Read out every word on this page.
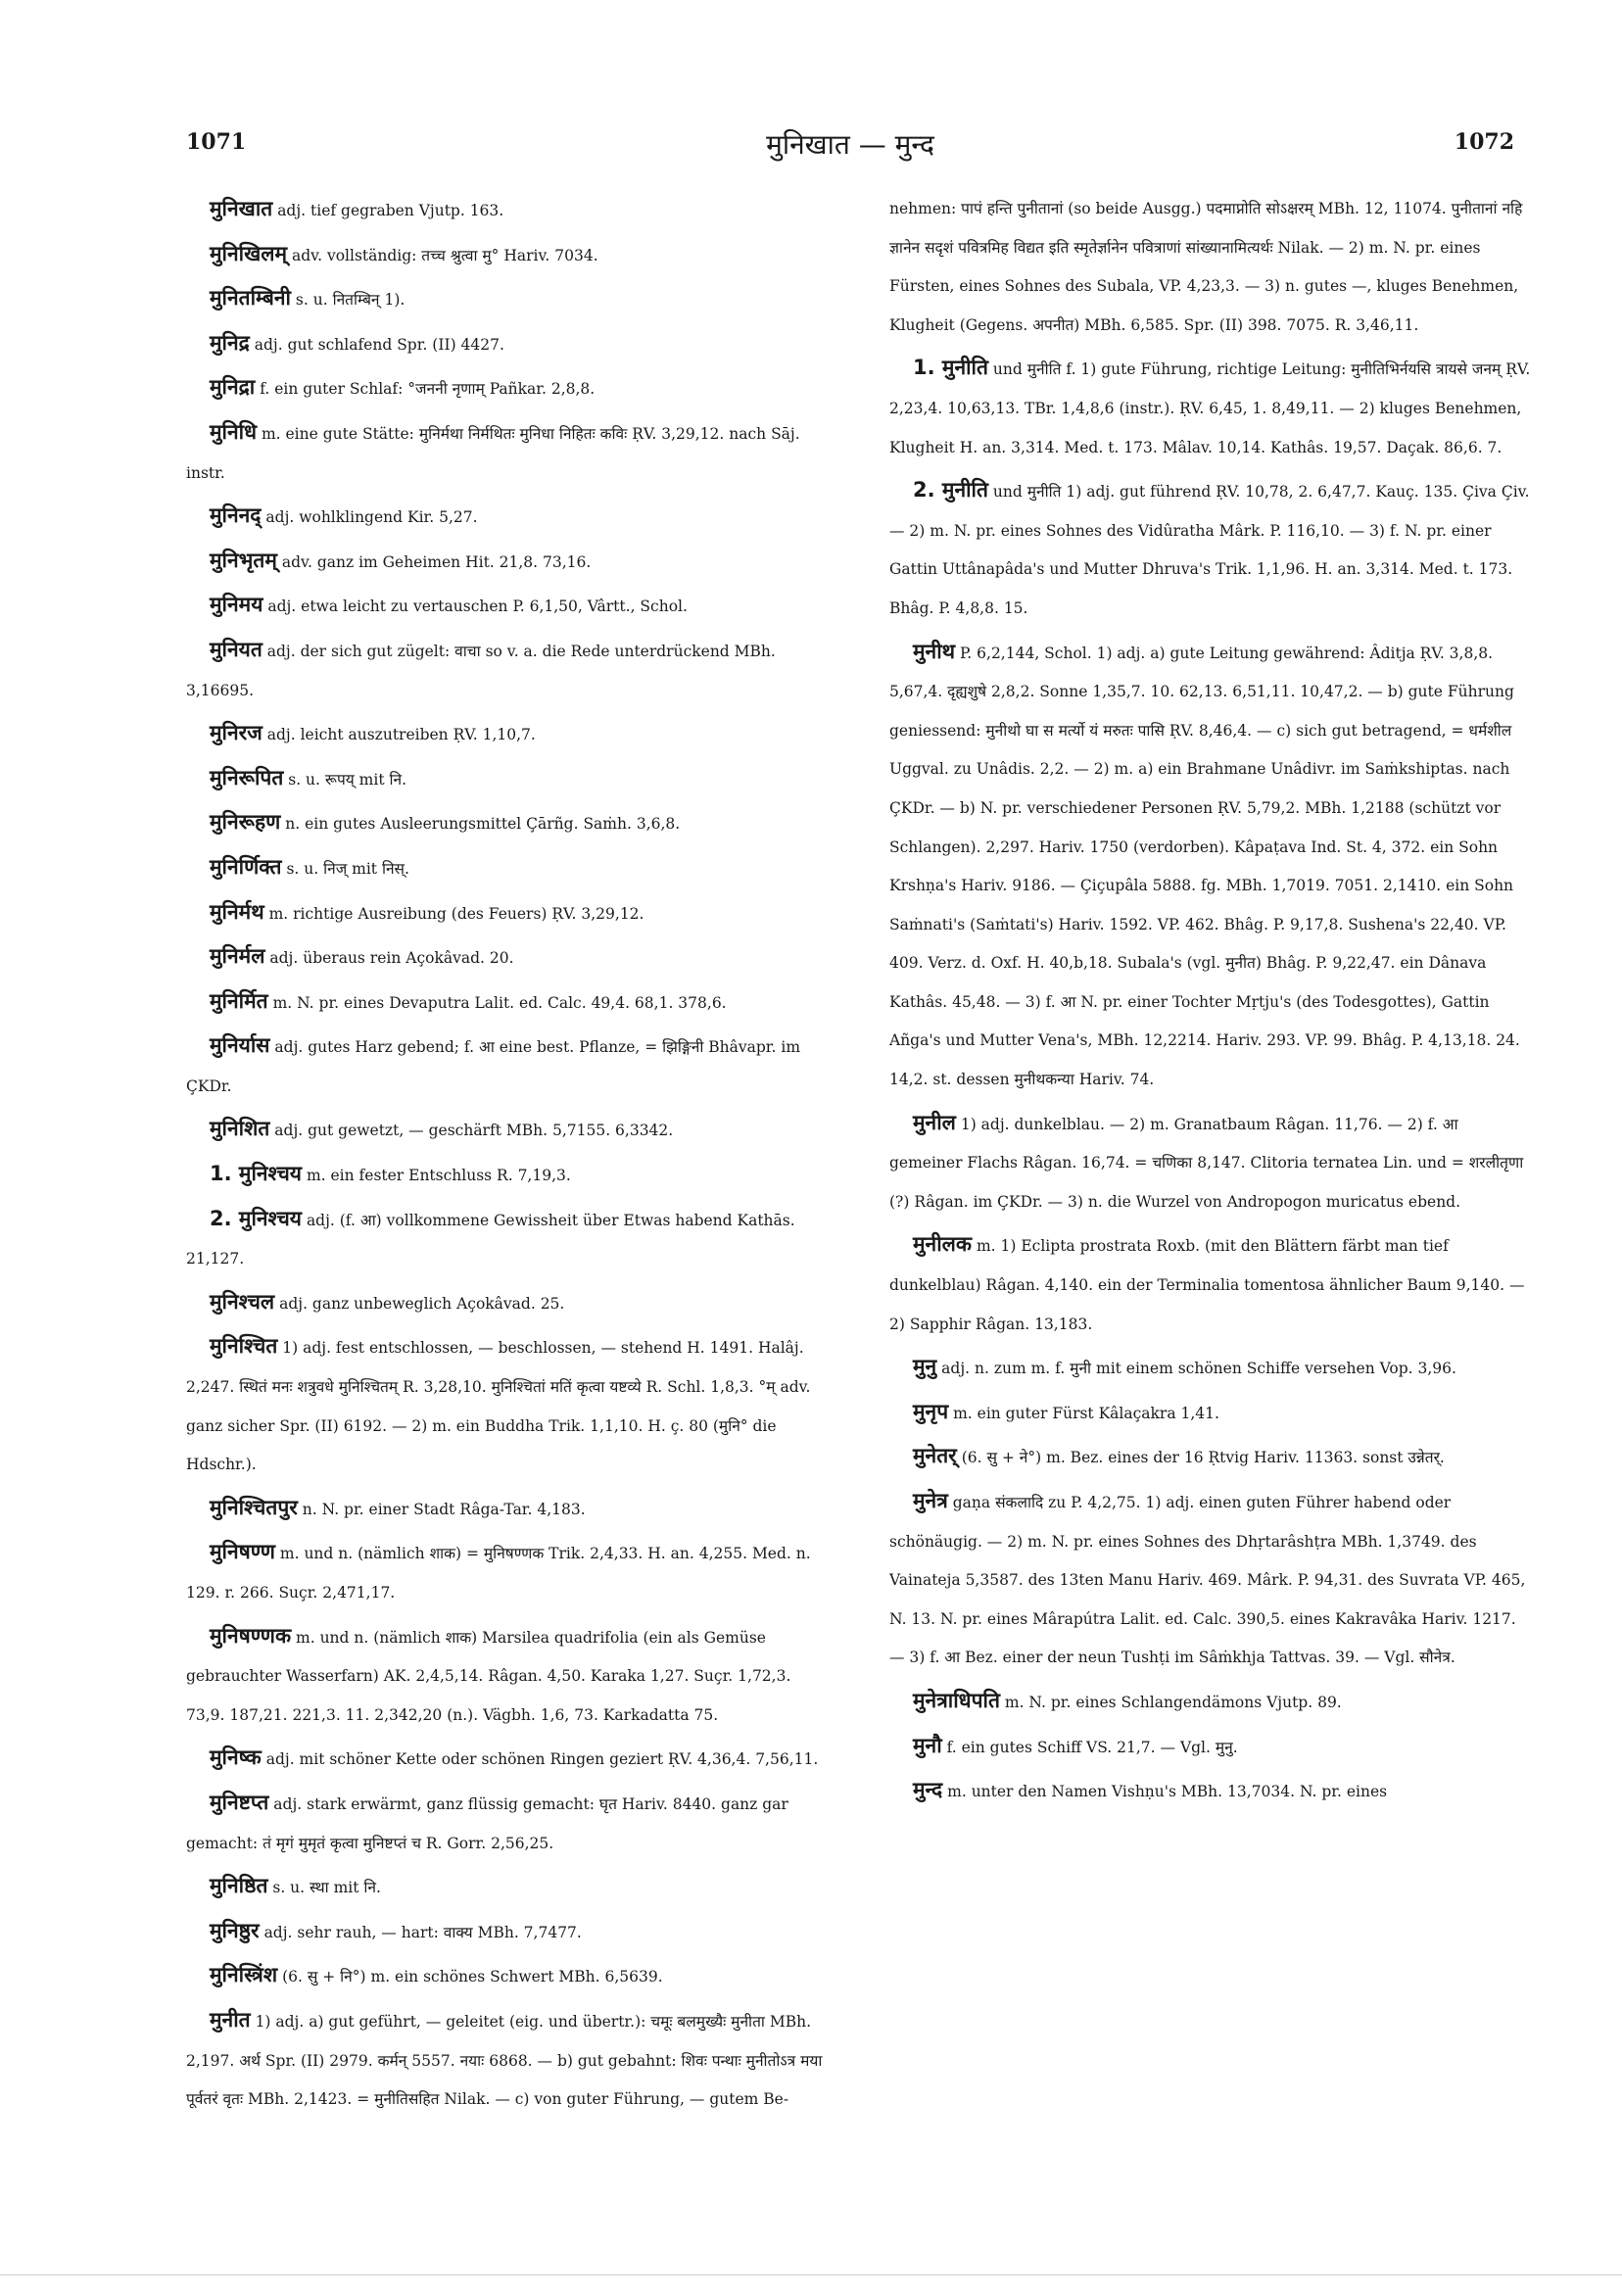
1071	मुनिखात — मुन्द	1072

मुनिखात adj. tief gegraben Vjutp. 163.

मुनिखिलम् adv. vollständig: तच्च श्रुत्वा मु° Hariv. 7034.

मुनितम्बिनी s. u. नितम्बिन् 1).

मुनिद्र adj. gut schlafend Spr. (II) 4427.

मुनिद्रा f. ein guter Schlaf: °जननी नृणाम् Pañkar. 2,8,8.

मुनिधि m. eine gute Stätte: मुनिर्मथा निर्मथितः मुनिधा निहितः कविः ṚV. 3,29,12. nach Sāj. instr.

मुनिनद् adj. wohlklingend Kir. 5,27.

मुनिभृतम् adv. ganz im Geheimen Hit. 21,8. 73,16.

मुनिमय adj. etwa leicht zu vertauschen P. 6,1,50, Vârtt., Schol.

मुनियत adj. der sich gut zügelt: वाचा so v. a. die Rede unterdrückend MBh. 3,16695.

मुनिरज adj. leicht auszutreiben ṚV. 1,10,7.

मुनिरूपित s. u. रूपय् mit नि.

मुनिरूहण n. ein gutes Ausleerungsmittel Çārñg. Saṁh. 3,6,8.

मुनिर्णिक्त s. u. निज् mit निस्.

मुनिर्मथ m. richtige Ausreibung (des Feuers) ṚV. 3,29,12.

मुनिर्मल adj. überaus rein Açokâvad. 20.

मुनिर्मित m. N. pr. eines Devaputra Lalit. ed. Calc. 49,4. 68,1. 378,6.

मुनिर्यास adj. gutes Harz gebend; f. आ eine best. Pflanze, = झिङ्गिनी Bhâvapr. im ÇKDr.

मुनिशित adj. gut gewetzt, — geschärft MBh. 5,7155. 6,3342.

1. मुनिश्चय m. ein fester Entschluss R. 7,19,3.

2. मुनिश्चय adj. (f. आ) vollkommene Gewissheit über Etwas habend Kathās. 21,127.

मुनिश्चल adj. ganz unbeweglich Açokâvad. 25.

मुनिश्चित 1) adj. fest entschlossen, — beschlossen, — stehend H. 1491. Halâj. 2,247. स्थितं मनः शत्रुवधे मुनिश्चितम् R. 3,28,10. मुनिश्चितां मतिं कृत्वा यष्टव्ये R. Schl. 1,8,3. °म् adv. ganz sicher Spr. (II) 6192. — 2) m. ein Buddha Trik. 1,1,10. H. ç. 80 (मुनि° die Hdschr.).

मुनिश्चितपुर n. N. pr. einer Stadt Râga-Tar. 4,183.

मुनिषण्ण m. und n. (nämlich शाक) = मुनिषण्णक Trik. 2,4,33. H. an. 4,255. Med. n. 129. r. 266. Suçr. 2,471,17.

मुनिषण्णक m. und n. (nämlich शाक) Marsilea quadrifolia (ein als Gemüse gebrauchter Wasserfarn) AK. 2,4,5,14. Râgan. 4,50. Karaka 1,27. Suçr. 1,72,3. 73,9. 187,21. 221,3. 11. 2,342,20 (n.). Vägbh. 1,6, 73. Karkadatta 75.

मुनिष्क adj. mit schöner Kette oder schönen Ringen geziert ṚV. 4,36,4. 7,56,11.

मुनिष्टप्त adj. stark erwärmt, ganz flüssig gemacht: घृत Hariv. 8440. ganz gar gemacht: तं मृगं मुमृतं कृत्वा मुनिष्टप्तं च R. Gorr. 2,56,25.

मुनिष्ठित s. u. स्था mit नि.

मुनिष्ठुर adj. sehr rauh, — hart: वाक्य MBh. 7,7477.

मुनिस्त्रिंश (6. सु + नि°) m. ein schönes Schwert MBh. 6,5639.

मुनीत 1) adj. a) gut geführt, — geleitet (eig. und übertr.): चमूः बलमुख्यैः मुनीता MBh. 2,197. अर्थ Spr. (II) 2979. कर्मन् 5557. नयाः 6868. — b) gut gebahnt: शिवः पन्थाः मुनीतोऽत्र मया पूर्वतरं वृतः MBh. 2,1423. = मुनीतिसहित Nilak. — c) von guter Führung, — gutem Be-

nehmen: पापं हन्ति पुनीतानां (so beide Ausgg.) पदमाप्नोति सोऽक्षरम् MBh. 12, 11074. पुनीतानां नहि ज्ञानेन सदृशं पवित्रमिह विद्यत इति स्मृतेर्ज्ञानेन पवित्राणां सांख्यानामित्यर्थः Nilak. — 2) m. N. pr. eines Fürsten, eines Sohnes des Subala, VP. 4,23,3. — 3) n. gutes —, kluges Benehmen, Klugheit (Gegens. अपनीत) MBh. 6,585. Spr. (II) 398. 7075. R. 3,46,11.

1. मुनीति und मुनीति f. 1) gute Führung, richtige Leitung: मुनीतिभिर्नयसि त्रायसे जनम् ṚV. 2,23,4. 10,63,13. TBr. 1,4,8,6 (instr.). ṚV. 6,45, 1. 8,49,11. — 2) kluges Benehmen, Klugheit H. an. 3,314. Med. t. 173. Mâlav. 10,14. Kathâs. 19,57. Daçak. 86,6. 7.

2. मुनीति und मुनीति 1) adj. gut führend ṚV. 10,78, 2. 6,47,7. Kauç. 135. Çiva Çiv. — 2) m. N. pr. eines Sohnes des Vidûratha Mârk. P. 116,10. — 3) f. N. pr. einer Gattin Uttânapâda's und Mutter Dhruva's Trik. 1,1,96. H. an. 3,314. Med. t. 173. Bhâg. P. 4,8,8. 15.

मुनीथ P. 6,2,144, Schol. 1) adj. a) gute Leitung gewährend: Âditja ṚV. 3,8,8. 5,67,4. दृह्यशुषे 2,8,2. Sonne 1,35,7. 10. 62,13. 6,51,11. 10,47,2. — b) gute Führung geniessend: मुनीथो घा स मर्त्यो यं मरुतः पासि ṚV. 8,46,4. — c) sich gut betragend, = धर्मशील Uggval. zu Unâdis. 2,2. — 2) m. a) ein Brahmane Unâdivr. im Saṁkshiptas. nach ÇKDr. — b) N. pr. verschiedener Personen ṚV. 5,79,2. MBh. 1,2188 (schützt vor Schlangen). 2,297. Hariv. 1750 (verdorben). Kâpaṭava Ind. St. 4, 372. ein Sohn Krshṇa's Hariv. 9186. — Çiçupâla 5888. fg. MBh. 1,7019. 7051. 2,1410. ein Sohn Saṁnati's (Saṁtati's) Hariv. 1592. VP. 462. Bhâg. P. 9,17,8. Sushena's 22,40. VP. 409. Verz. d. Oxf. H. 40,b,18. Subala's (vgl. मुनीत) Bhâg. P. 9,22,47. ein Dânava Kathâs. 45,48. — 3) f. आ N. pr. einer Tochter Mṛtju's (des Todesgottes), Gattin Añga's und Mutter Vena's, MBh. 12,2214. Hariv. 293. VP. 99. Bhâg. P. 4,13,18. 24. 14,2. st. dessen मुनीथकन्या Hariv. 74.

मुनील 1) adj. dunkelblau. — 2) m. Granatbaum Râgan. 11,76. — 2) f. आ gemeiner Flachs Râgan. 16,74. = चणिका 8,147. Clitoria ternatea Lin. und = शरलीतृणा (?) Râgan. im ÇKDr. — 3) n. die Wurzel von Andropogon muricatus ebend.

मुनीलक m. 1) Eclipta prostrata Roxb. (mit den Blättern färbt man tief dunkelblau) Râgan. 4,140. ein der Terminalia tomentosa ähnlicher Baum 9,140. — 2) Sapphir Râgan. 13,183.

मुनु adj. n. zum m. f. मुनी mit einem schönen Schiffe versehen Vop. 3,96.

मुनृप m. ein guter Fürst Kâlaçakra 1,41.

मुनेतर् (6. सु + ने°) m. Bez. eines der 16 Ṛtvig Hariv. 11363. sonst उन्नेतर्.

मुनेत्र gaṇa संकलादि zu P. 4,2,75. 1) adj. einen guten Führer habend oder schönäugig. — 2) m. N. pr. eines Sohnes des Dhṛtarâshṭra MBh. 1,3749. des Vainateja 5,3587. des 13ten Manu Hariv. 469. Mârk. P. 94,31. des Suvrata VP. 465, N. 13. N. pr. eines Mârapútra Lalit. ed. Calc. 390,5. eines Kakravâka Hariv. 1217. — 3) f. आ Bez. einer der neun Tushṭi im Sâṁkhja Tattvas. 39. — Vgl. सौनेत्र.

मुनेत्राधिपति m. N. pr. eines Schlangendämons Vjutp. 89.

मुनौ f. ein gutes Schiff VS. 21,7. — Vgl. मुनु.

मुन्द m. unter den Namen Vishṇu's MBh. 13,7034. N. pr. eines
